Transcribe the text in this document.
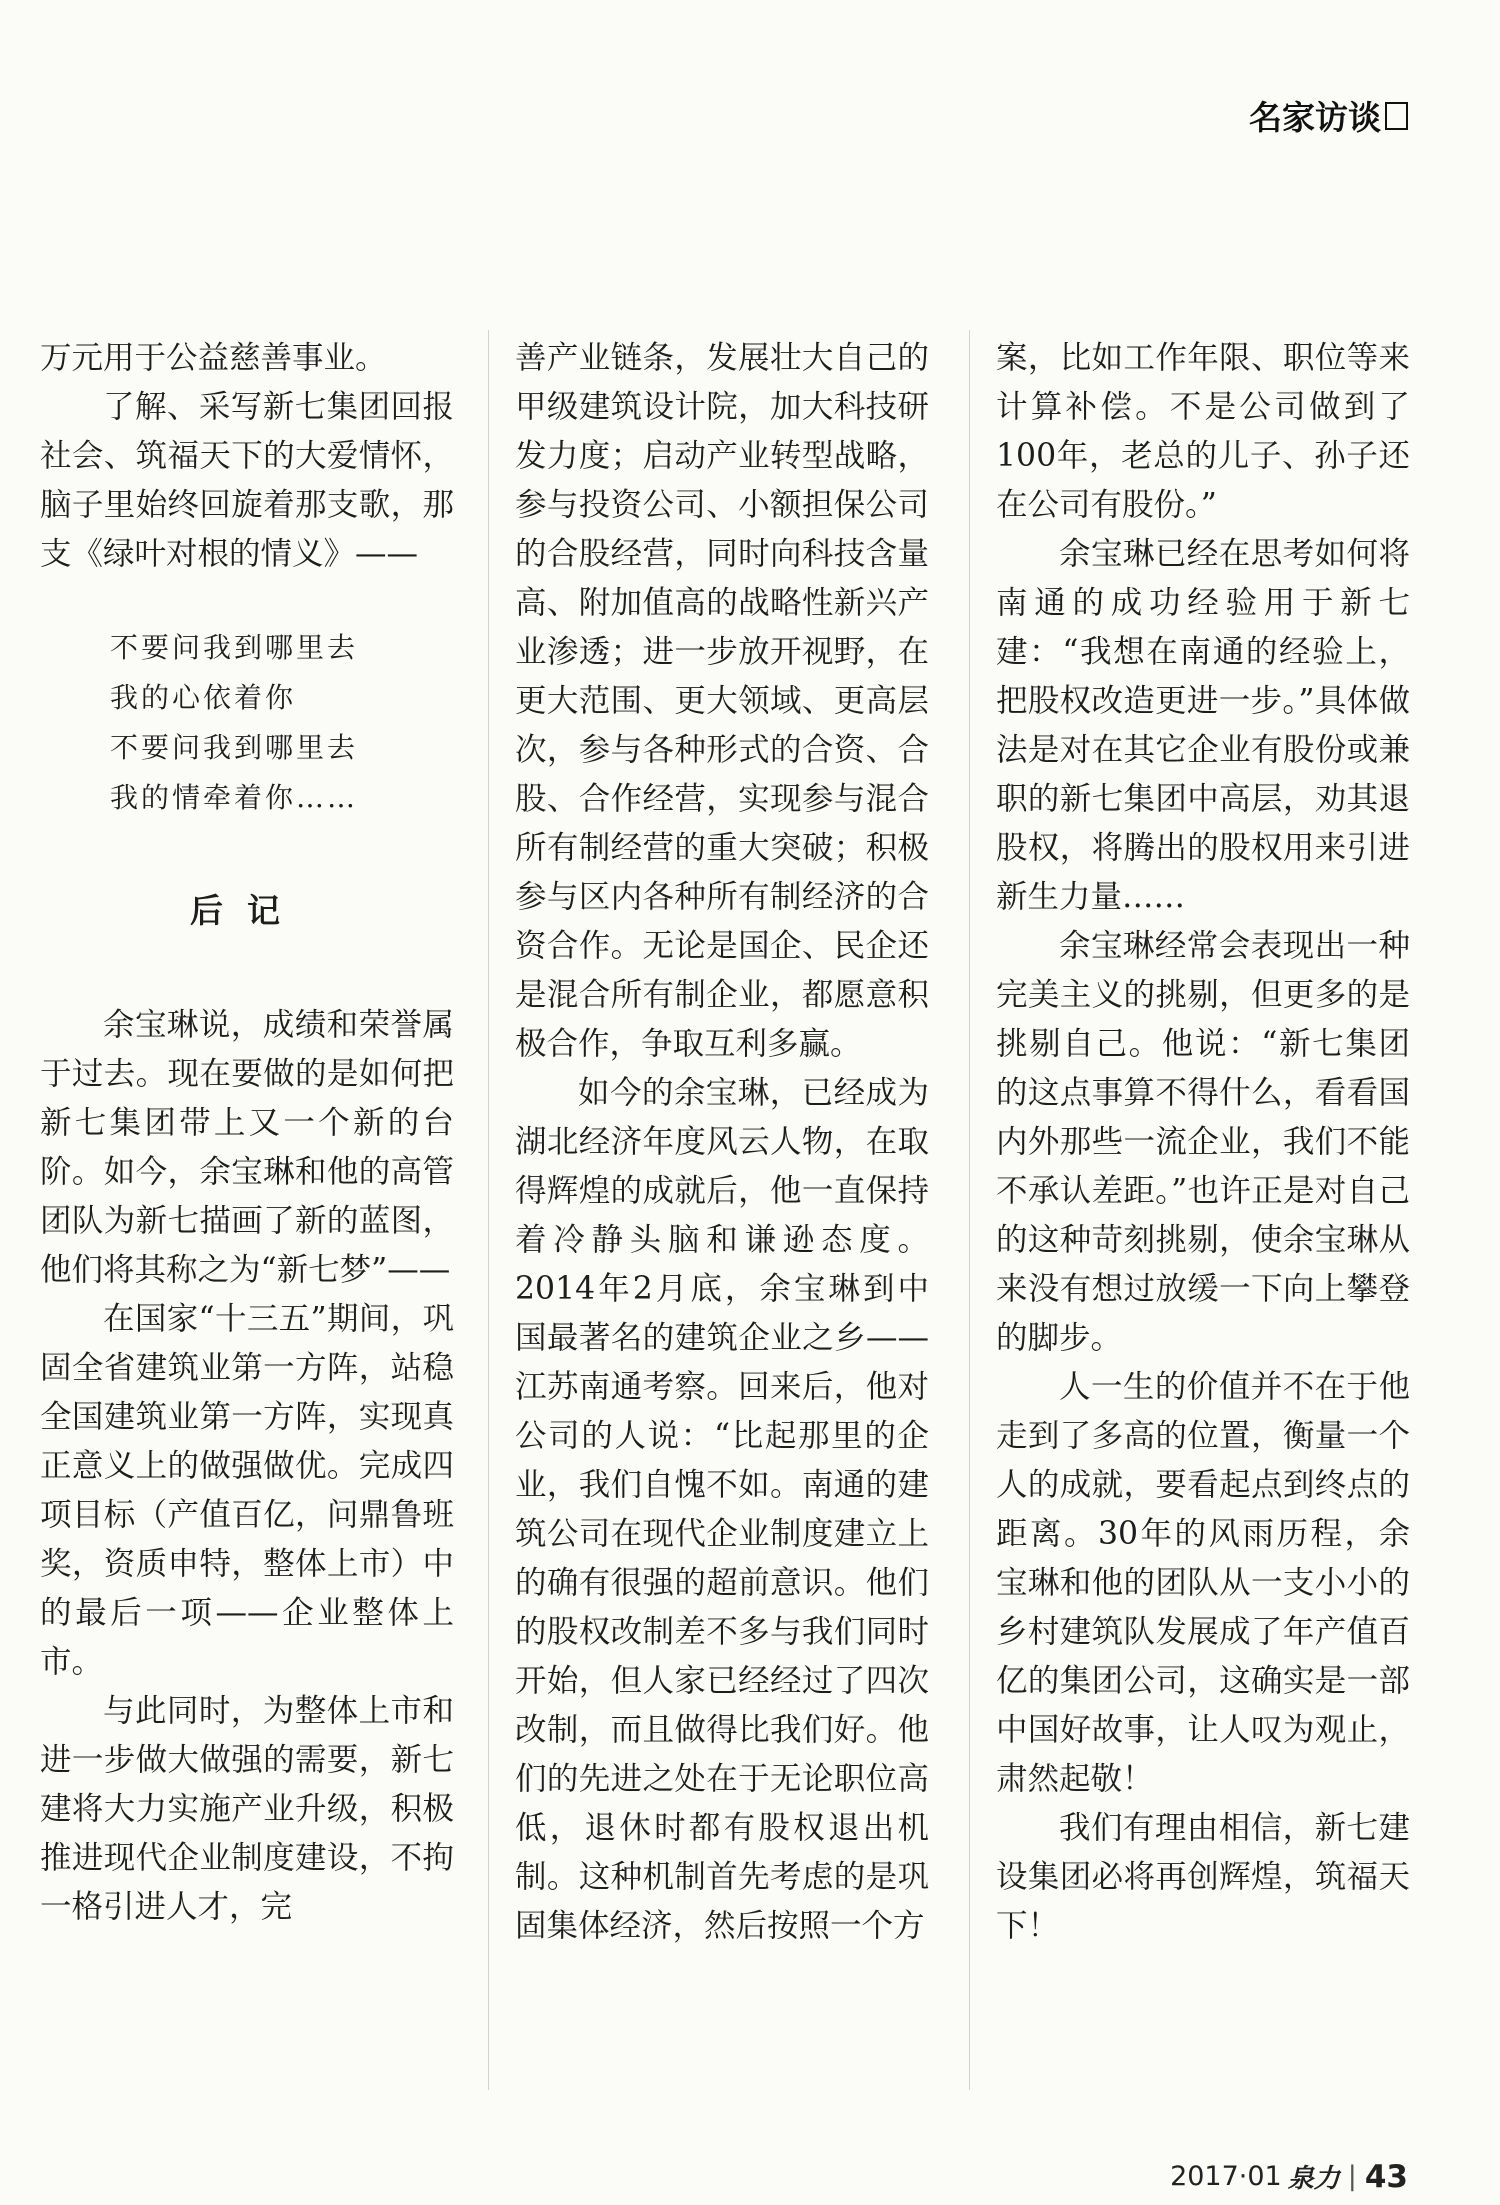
名家访谈

万元用于公益慈善事业。

了解、采写新七集团回报社会、筑福天下的大爱情怀，脑子里始终回旋着那支歌，那支《绿叶对根的情义》——

不要问我到哪里去
我的心依着你
不要问我到哪里去
我的情牵着你……
后记

余宝琳说，成绩和荣誉属于过去。现在要做的是如何把新七集团带上又一个新的台阶。如今，余宝琳和他的高管团队为新七描画了新的蓝图，他们将其称之为“新七梦”——

在国家“十三五”期间，巩固全省建筑业第一方阵，站稳全国建筑业第一方阵，实现真正意义上的做强做优。完成四项目标（产值百亿，问鼎鲁班奖，资质申特，整体上市）中的最后一项——企业整体上市。

与此同时，为整体上市和进一步做大做强的需要，新七建将大力实施产业升级，积极推进现代企业制度建设，不拘一格引进人才，完

善产业链条，发展壮大自己的甲级建筑设计院，加大科技研发力度；启动产业转型战略，参与投资公司、小额担保公司的合股经营，同时向科技含量高、附加值高的战略性新兴产业渗透；进一步放开视野，在更大范围、更大领域、更高层次，参与各种形式的合资、合股、合作经营，实现参与混合所有制经营的重大突破；积极参与区内各种所有制经济的合资合作。无论是国企、民企还是混合所有制企业，都愿意积极合作，争取互利多赢。

如今的余宝琳，已经成为湖北经济年度风云人物，在取得辉煌的成就后，他一直保持着冷静头脑和谦逊态度。2014年2月底，余宝琳到中国最著名的建筑企业之乡——江苏南通考察。回来后，他对公司的人说：“比起那里的企业，我们自愧不如。南通的建筑公司在现代企业制度建立上的确有很强的超前意识。他们的股权改制差不多与我们同时开始，但人家已经经过了四次改制，而且做得比我们好。他们的先进之处在于无论职位高低，退休时都有股权退出机制。这种机制首先考虑的是巩固集体经济，然后按照一个方

案，比如工作年限、职位等来计算补偿。不是公司做到了100年，老总的儿子、孙子还在公司有股份。”

余宝琳已经在思考如何将南通的成功经验用于新七建：“我想在南通的经验上，把股权改造更进一步。”具体做法是对在其它企业有股份或兼职的新七集团中高层，劝其退股权，将腾出的股权用来引进新生力量……

余宝琳经常会表现出一种完美主义的挑剔，但更多的是挑剔自己。他说：“新七集团的这点事算不得什么，看看国内外那些一流企业，我们不能不承认差距。”也许正是对自己的这种苛刻挑剔，使余宝琳从来没有想过放缓一下向上攀登的脚步。

人一生的价值并不在于他走到了多高的位置，衡量一个人的成就，要看起点到终点的距离。30年的风雨历程，余宝琳和他的团队从一支小小的乡村建筑队发展成了年产值百亿的集团公司，这确实是一部中国好故事，让人叹为观止，肃然起敬！

我们有理由相信，新七建设集团必将再创辉煌，筑福天下！

2017·01 泉力 | 43
